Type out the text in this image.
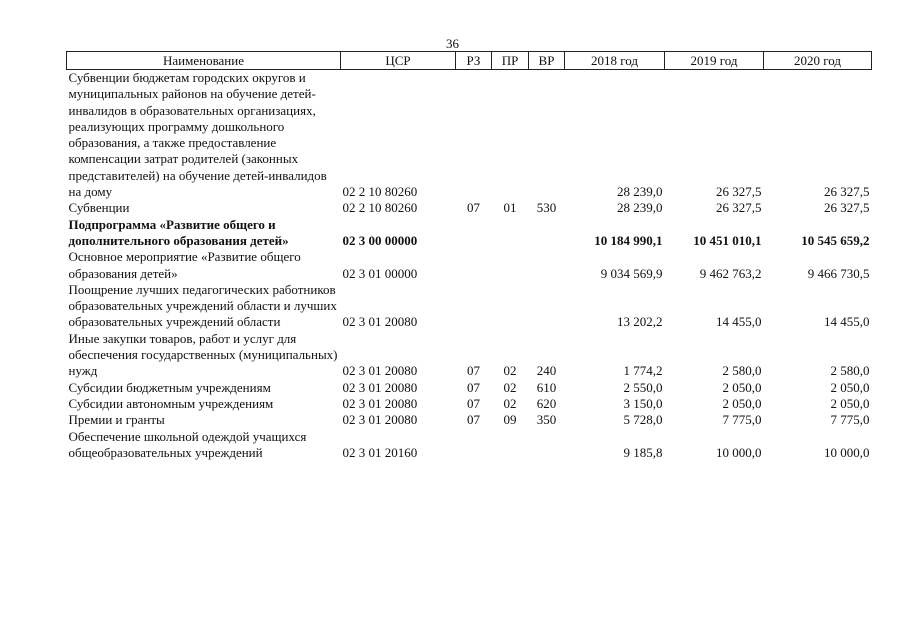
36
Наименование	ЦСР	РЗ	ПР	ВР	2018 год	2019 год	2020 год
Субвенции бюджетам городских округов и муниципальных районов на обучение детей-инвалидов в образовательных организациях, реализующих программу дошкольного образования, а также предоставление компенсации затрат родителей (законных представителей) на обучение детей-инвалидов на дому	02 2 10 80260				28 239,0	26 327,5	26 327,5
Субвенции	02 2 10 80260	07	01	530	28 239,0	26 327,5	26 327,5
Подпрограмма «Развитие общего и дополнительного образования детей»	02 3 00 00000				10 184 990,1	10 451 010,1	10 545 659,2
Основное мероприятие «Развитие общего образования детей»	02 3 01 00000				9 034 569,9	9 462 763,2	9 466 730,5
Поощрение лучших педагогических работников образовательных учреждений области и лучших образовательных учреждений области	02 3 01 20080				13 202,2	14 455,0	14 455,0
Иные закупки товаров, работ и услуг для обеспечения государственных (муниципальных) нужд	02 3 01 20080	07	02	240	1 774,2	2 580,0	2 580,0
Субсидии бюджетным учреждениям	02 3 01 20080	07	02	610	2 550,0	2 050,0	2 050,0
Субсидии автономным учреждениям	02 3 01 20080	07	02	620	3 150,0	2 050,0	2 050,0
Премии и гранты	02 3 01 20080	07	09	350	5 728,0	7 775,0	7 775,0
Обеспечение школьной одеждой учащихся общеобразовательных учреждений	02 3 01 20160				9 185,8	10 000,0	10 000,0
